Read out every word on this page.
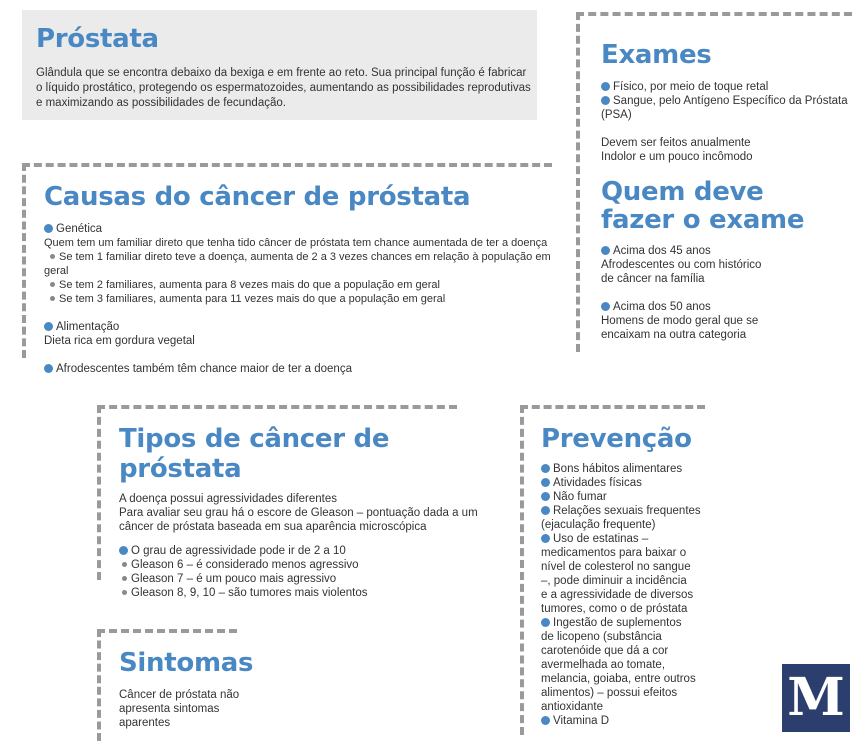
Próstata

Glândula que se encontra debaixo da bexiga e em frente ao reto. Sua principal função é fabricar o líquido prostático, protegendo os espermatozoides, aumentando as possibilidades reprodutivas e maximizando as possibilidades de fecundação.

Exames

Físico, por meio de toque retal

Sangue, pelo Antígeno Específico da Próstata (PSA)

Devem ser feitos anualmente

Indolor e um pouco incômodo

Quem deve
fazer o exame

Acima dos 45 anos

Afrodescentes ou com histórico

de câncer na família

Acima dos 50 anos

Homens de modo geral que se

encaixam na outra categoria

Causas do câncer de próstata

Genética

Quem tem um familiar direto que tenha tido câncer de próstata tem chance aumentada de ter a doença

Se tem 1 familiar direto teve a doença, aumenta de 2 a 3 vezes chances em relação à população em geral

Se tem 2 familiares, aumenta para 8 vezes mais do que a população em geral

Se tem 3 familiares, aumenta para 11 vezes mais do que a população em geral

Alimentação

Dieta rica em gordura vegetal

Afrodescentes também têm chance maior de ter a doença

Tipos de câncer de próstata

A doença possui agressividades diferentes

Para avaliar seu grau há o escore de Gleason – pontuação dada a um

câncer de próstata baseada em sua aparência microscópica

O grau de agressividade pode ir de 2 a 10

Gleason 6 – é considerado menos agressivo

Gleason 7 – é um pouco mais agressivo

Gleason 8, 9, 10 – são tumores mais violentos

Prevenção

Bons hábitos alimentares

Atividades físicas

Não fumar

Relações sexuais frequentes

(ejaculação frequente)

Uso de estatinas –

medicamentos para baixar o

nível de colesterol no sangue

–, pode diminuir a incidência

e a agressividade de diversos

tumores, como o de próstata

Ingestão de suplementos

de licopeno (substância

carotenóide que dá a cor

avermelhada ao tomate,

melancia, goiaba, entre outros

alimentos) – possui efeitos

antioxidante

Vitamina D

Sintomas

Câncer de próstata não

apresenta sintomas

aparentes	M
